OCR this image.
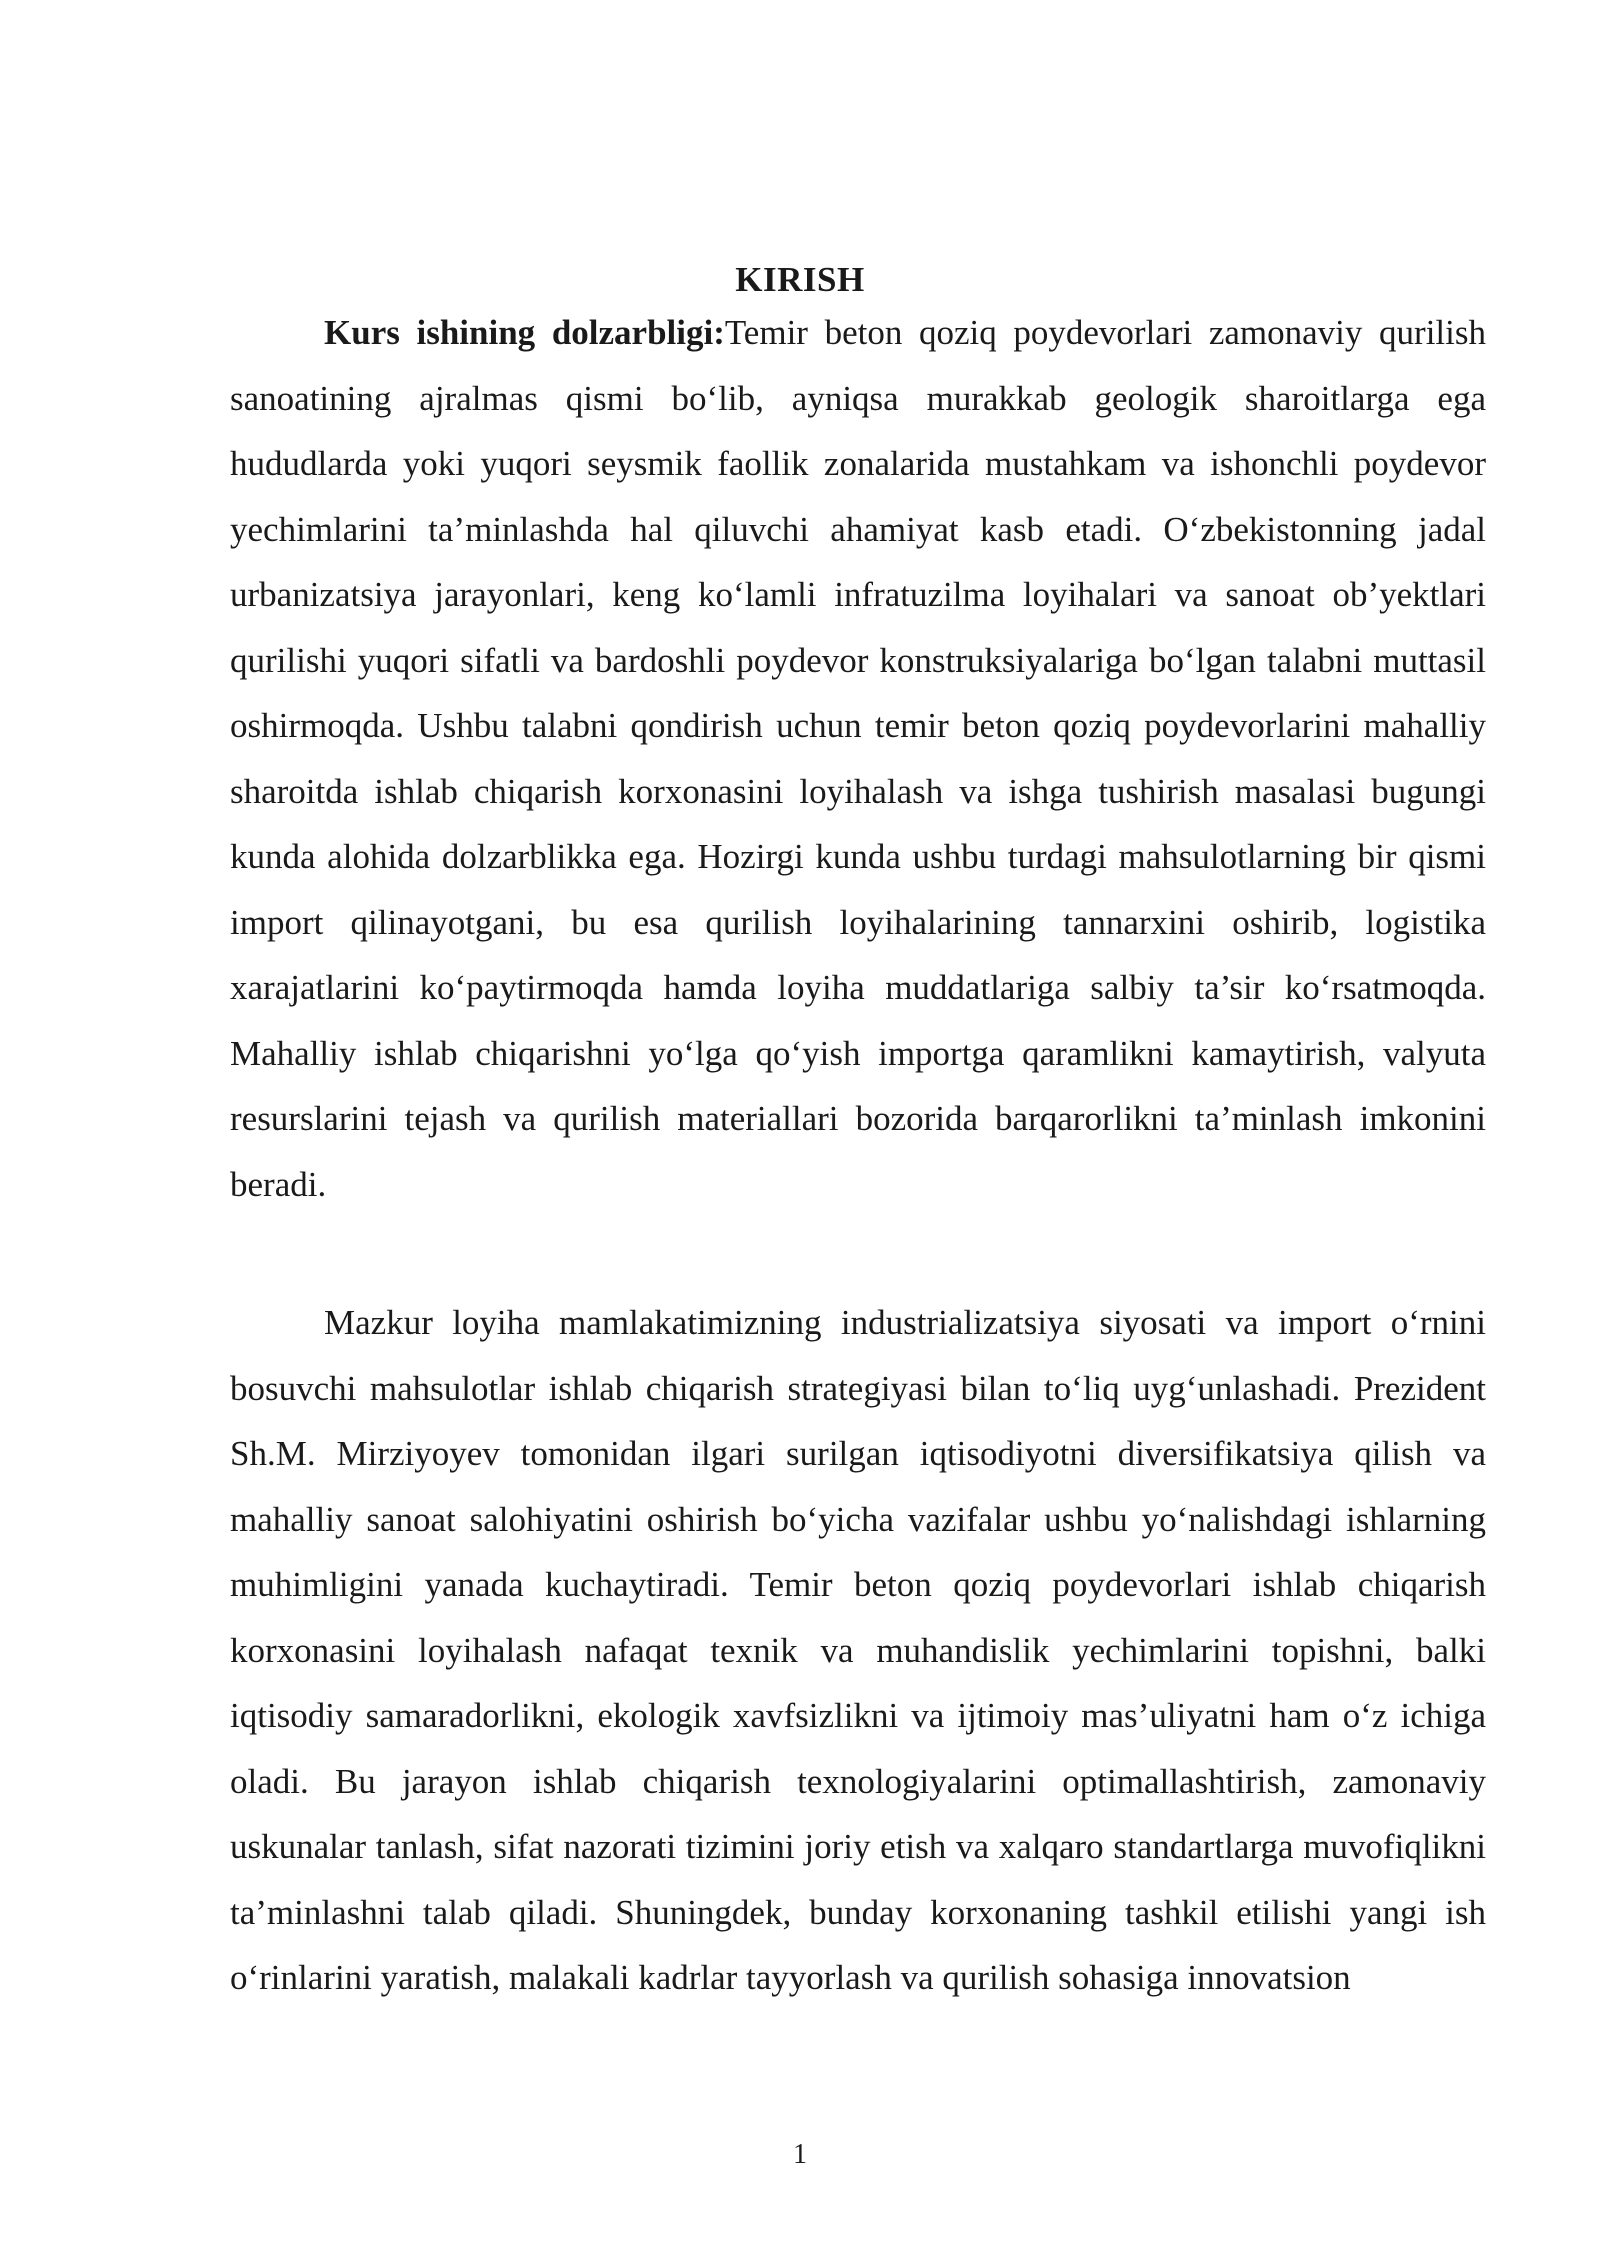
KIRISH

Kurs ishining dolzarbligi:Temir beton qoziq poydevorlari zamonaviy qurilish sanoatining ajralmas qismi bo‘lib, ayniqsa murakkab geologik sharoitlarga ega hududlarda yoki yuqori seysmik faollik zonalarida mustahkam va ishonchli poydevor yechimlarini ta’minlashda hal qiluvchi ahamiyat kasb etadi. O‘zbekistonning jadal urbanizatsiya jarayonlari, keng ko‘lamli infratuzilma loyihalari va sanoat ob’yektlari qurilishi yuqori sifatli va bardoshli poydevor konstruksiyalariga bo‘lgan talabni muttasil oshirmoqda. Ushbu talabni qondirish uchun temir beton qoziq poydevorlarini mahalliy sharoitda ishlab chiqarish korxonasini loyihalash va ishga tushirish masalasi bugungi kunda alohida dolzarblikka ega. Hozirgi kunda ushbu turdagi mahsulotlarning bir qismi import qilinayotgani, bu esa qurilish loyihalarining tannarxini oshirib, logistika xarajatlarini ko‘paytirmoqda hamda loyiha muddatlariga salbiy ta’sir ko‘rsatmoqda. Mahalliy ishlab chiqarishni yo‘lga qo‘yish importga qaramlikni kamaytirish, valyuta resurslarini tejash va qurilish materiallari bozorida barqarorlikni ta’minlash imkonini beradi.

Mazkur loyiha mamlakatimizning industrializatsiya siyosati va import o‘rnini bosuvchi mahsulotlar ishlab chiqarish strategiyasi bilan to‘liq uyg‘unlashadi. Prezident Sh.M. Mirziyoyev tomonidan ilgari surilgan iqtisodiyotni diversifikatsiya qilish va mahalliy sanoat salohiyatini oshirish bo‘yicha vazifalar ushbu yo‘nalishdagi ishlarning muhimligini yanada kuchaytiradi. Temir beton qoziq poydevorlari ishlab chiqarish korxonasini loyihalash nafaqat texnik va muhandislik yechimlarini topishni, balki iqtisodiy samaradorlikni, ekologik xavfsizlikni va ijtimoiy mas’uliyatni ham o‘z ichiga oladi. Bu jarayon ishlab chiqarish texnologiyalarini optimallashtirish, zamonaviy uskunalar tanlash, sifat nazorati tizimini joriy etish va xalqaro standartlarga muvofiqlikni ta’minlashni talab qiladi. Shuningdek, bunday korxonaning tashkil etilishi yangi ish o‘rinlarini yaratish, malakali kadrlar tayyorlash va qurilish sohasiga innovatsion

1
